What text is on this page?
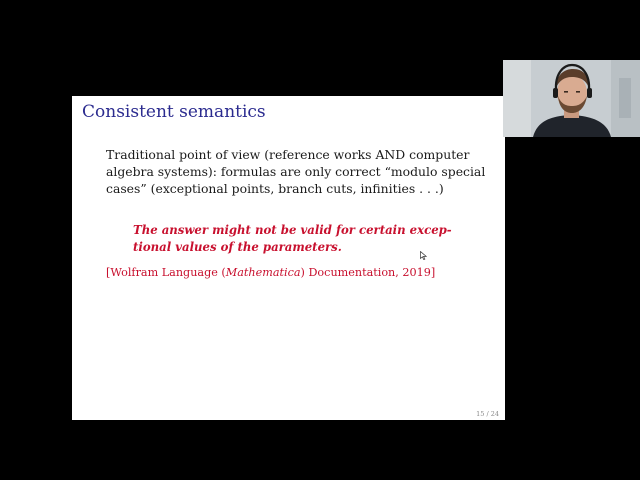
Consistent semantics
Traditional point of view (reference works AND computer
algebra systems): formulas are only correct “modulo special
cases” (exceptional points, branch cuts, infinities . . .)
The answer might not be valid for certain excep-
tional values of the parameters.
[Wolfram Language (Mathematica) Documentation, 2019]
15 / 24
